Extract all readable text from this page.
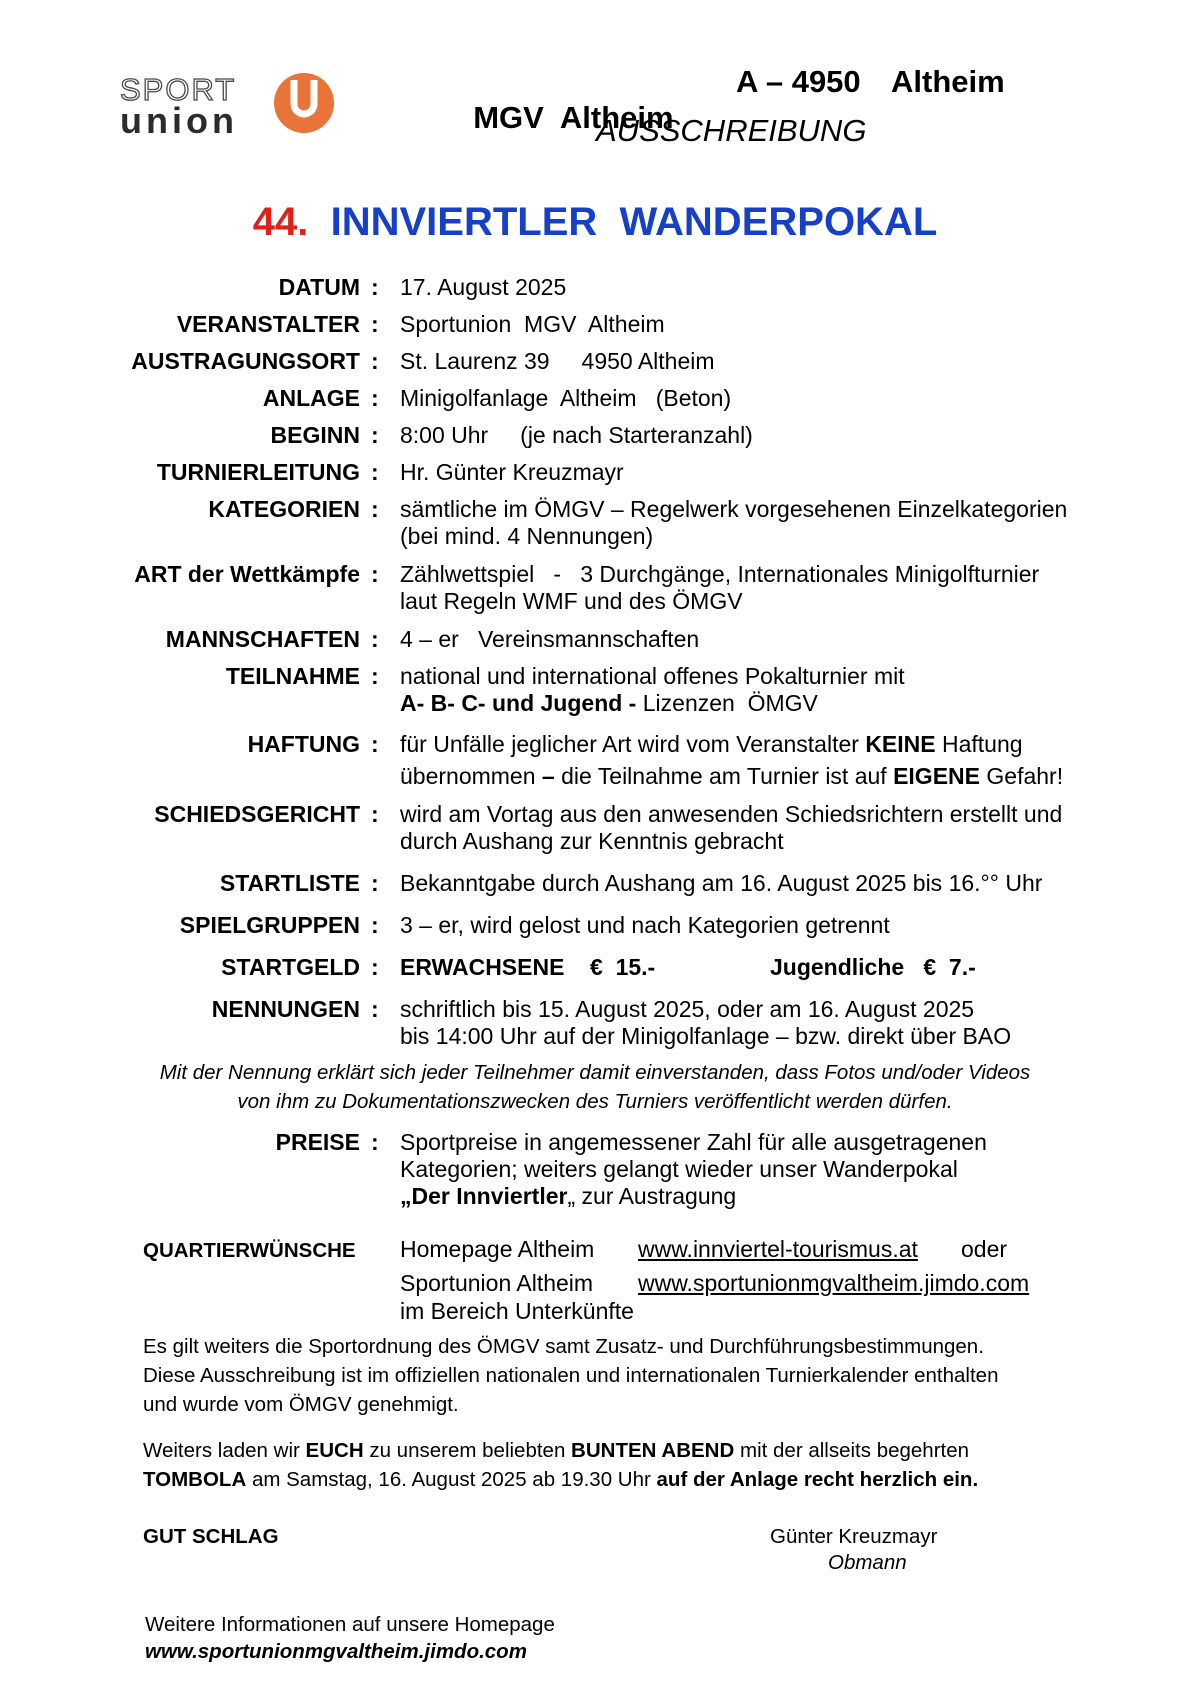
SPORT
union	MGV  Altheim

A – 4950

Altheim

AUSSCHREIBUNG
44. INNVIERTLER  WANDERPOKAL
DATUM : 17. August 2025
VERANSTALTER : Sportunion  MGV  Altheim
AUSTRAGUNGSORT : St. Laurenz 39     4950 Altheim
ANLAGE : Minigolfanlage  Altheim   (Beton)
BEGINN : 8:00 Uhr     (je nach Starteranzahl)
TURNIERLEITUNG : Hr. Günter Kreuzmayr
KATEGORIEN : sämtliche im ÖMGV – Regelwerk vorgesehenen Einzelkategorien
(bei mind. 4 Nennungen)
ART der Wettkämpfe : Zählwettspiel   -   3 Durchgänge, Internationales Minigolfturnier
laut Regeln WMF und des ÖMGV
MANNSCHAFTEN : 4 – er   Vereinsmannschaften
TEILNAHME : national und international offenes Pokalturnier mit
A- B- C- und Jugend - Lizenzen  ÖMGV
HAFTUNG : für Unfälle jeglicher Art wird vom Veranstalter KEINE Haftung
übernommen – die Teilnahme am Turnier ist auf EIGENE Gefahr!
SCHIEDSGERICHT : wird am Vortag aus den anwesenden Schiedsrichtern erstellt und
durch Aushang zur Kenntnis gebracht
STARTLISTE : Bekanntgabe durch Aushang am 16. August 2025 bis 16.°° Uhr
SPIELGRUPPEN : 3 – er, wird gelost und nach Kategorien getrennt
STARTGELD : ERWACHSENE    €  15.-	Jugendliche   €  7.-
NENNUNGEN : schriftlich bis 15. August 2025, oder am 16. August 2025
bis 14:00 Uhr auf der Minigolfanlage – bzw. direkt über BAO
Mit der Nennung erklärt sich jeder Teilnehmer damit einverstanden, dass Fotos und/oder Videos
von ihm zu Dokumentationszwecken des Turniers veröffentlicht werden dürfen.
PREISE : Sportpreise in angemessener Zahl für alle ausgetragenen
Kategorien; weiters gelangt wieder unser Wanderpokal
„Der Innviertler„ zur Austragung
QUARTIERWÜNSCHE Homepage Altheim www.innviertel-tourismus.at oder
Sportunion Altheim www.sportunionmgvaltheim.jimdo.com
im Bereich Unterkünfte
Es gilt weiters die Sportordnung des ÖMGV samt Zusatz- und Durchführungsbestimmungen.
Diese Ausschreibung ist im offiziellen nationalen und internationalen Turnierkalender enthalten
und wurde vom ÖMGV genehmigt.
Weiters laden wir EUCH zu unserem beliebten BUNTEN ABEND mit der allseits begehrten
TOMBOLA am Samstag, 16. August 2025 ab 19.30 Uhr auf der Anlage recht herzlich ein.
GUT SCHLAG	Günter Kreuzmayr
Obmann
Weitere Informationen auf unsere Homepage
www.sportunionmgvaltheim.jimdo.com
